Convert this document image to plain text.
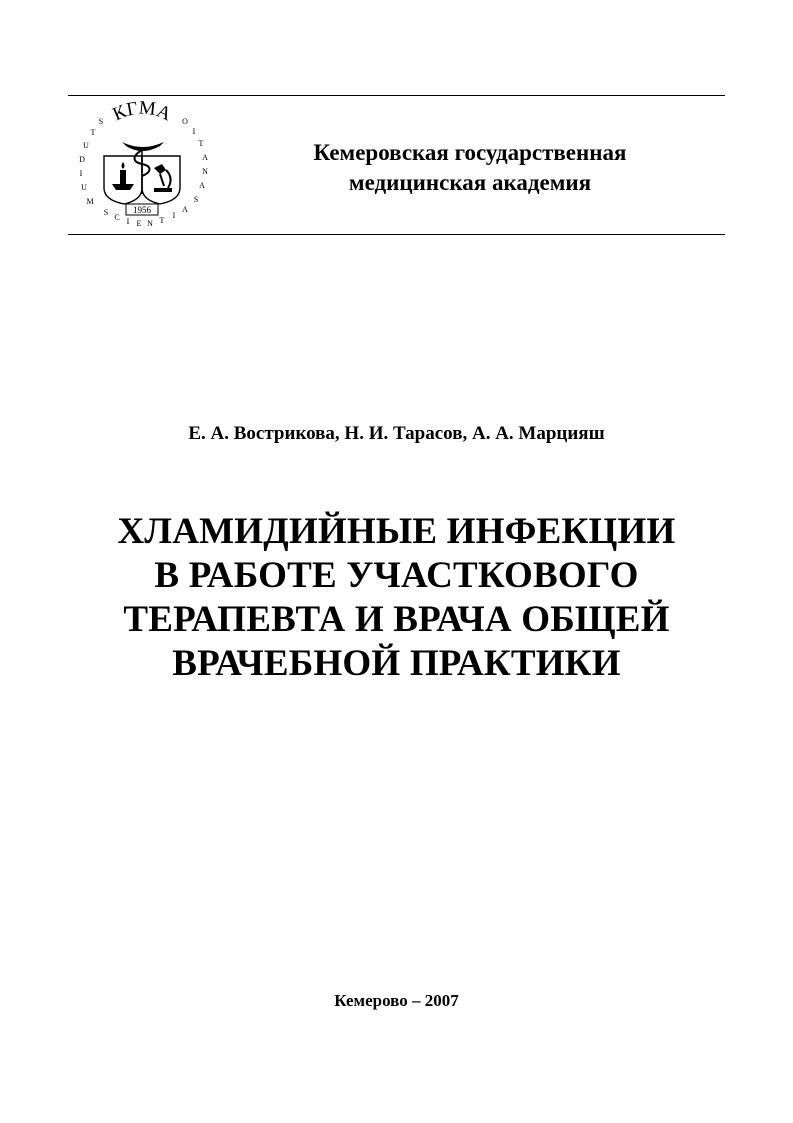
КГМА
S
T
U
D
I
U
M
S
C I E N T
I
A
S
A
N
A
T
I
O
1956
Кемеровская государственная
медицинская академия
Е. А. Вострикова, Н. И. Тарасов, А. А. Марцияш
ХЛАМИДИЙНЫЕ ИНФЕКЦИИ
В РАБОТЕ УЧАСТКОВОГО
ТЕРАПЕВТА И ВРАЧА ОБЩЕЙ
ВРАЧЕБНОЙ ПРАКТИКИ
Кемерово – 2007
